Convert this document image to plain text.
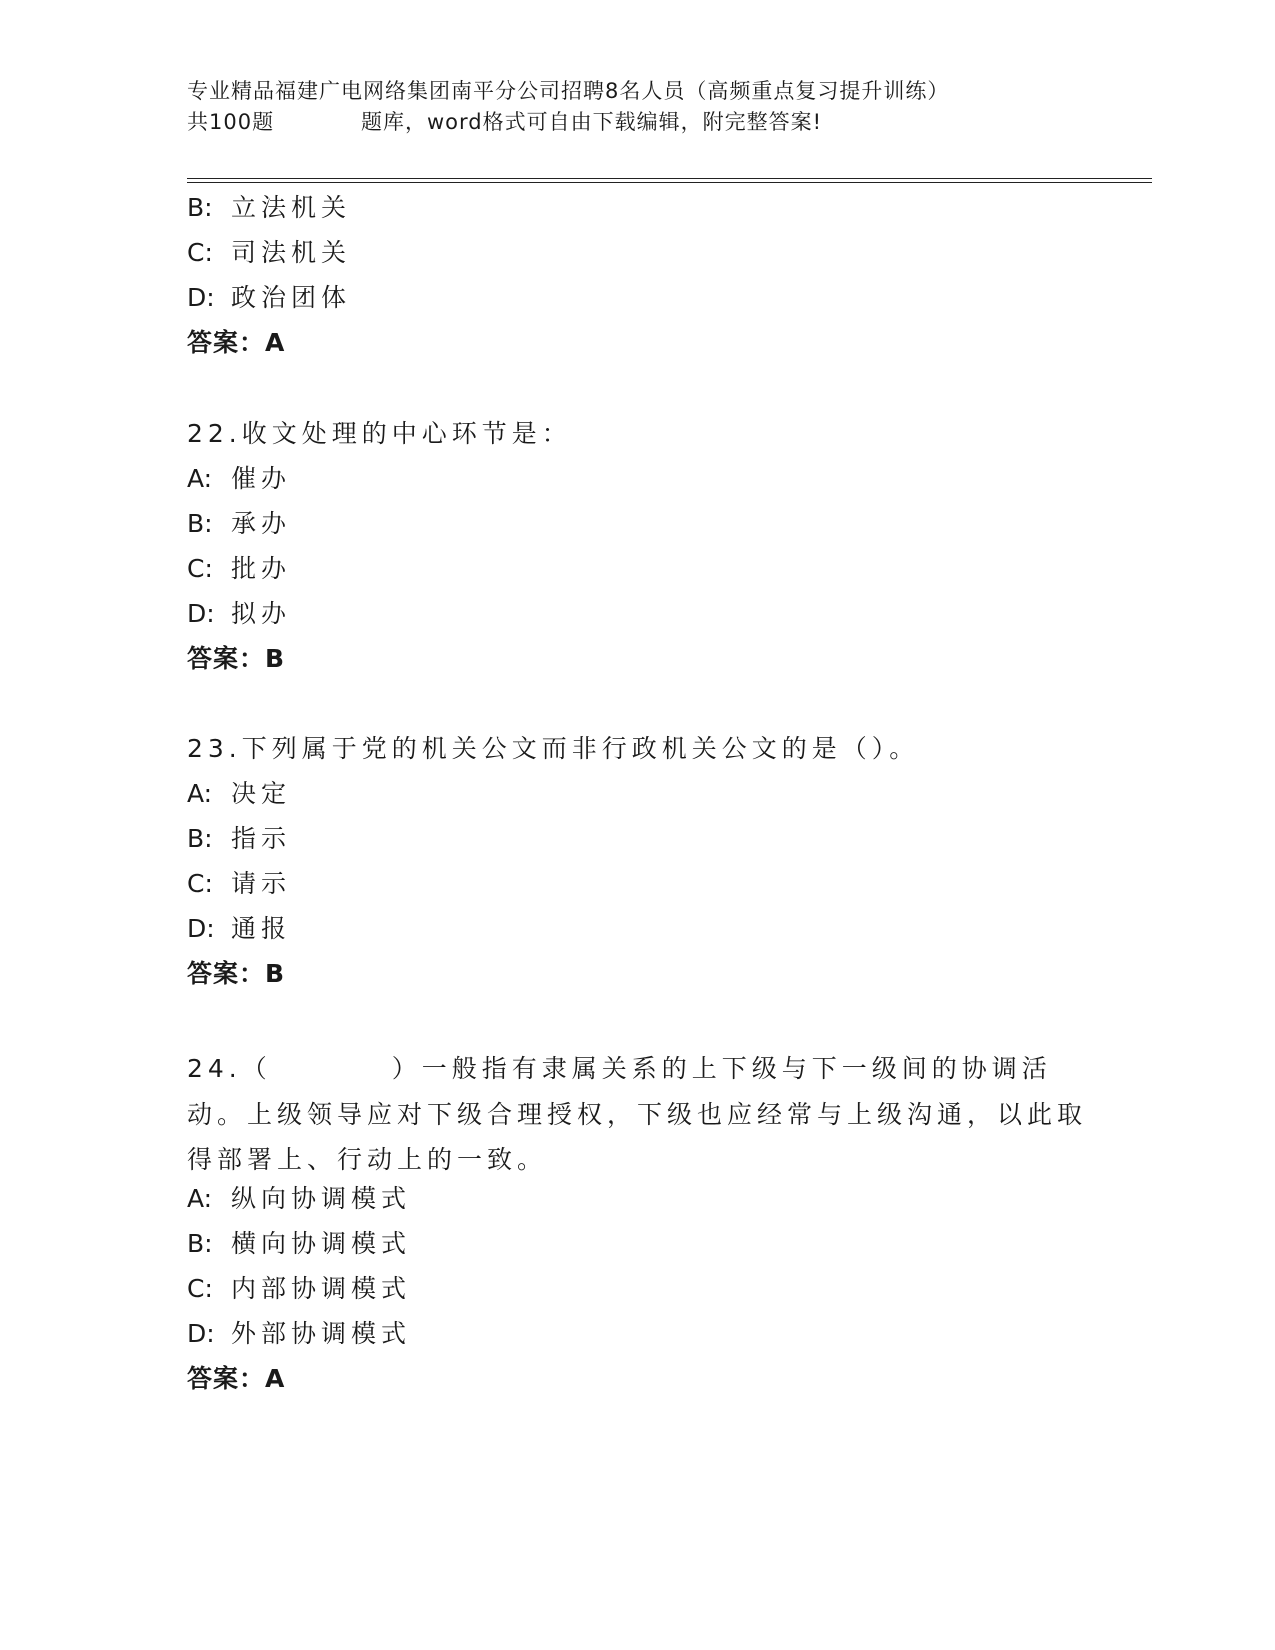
专业精品福建广电网络集团南平分公司招聘8名人员（高频重点复习提升训练）
共100题	题库，word格式可自由下载编辑，附完整答案!
B: 立法机关
C: 司法机关
D: 政治团体
答案：A
22.收文处理的中心环节是：
A: 催办
B: 承办
C: 批办
D: 拟办
答案：B
23.下列属于党的机关公文而非行政机关公文的是（）。
A: 决定
B: 指示
C: 请示
D: 通报
答案：B
24.（　　　　）一般指有隶属关系的上下级与下一级间的协调活动。上级领导应对下级合理授权，下级也应经常与上级沟通，以此取得部署上、行动上的一致。
A: 纵向协调模式
B: 横向协调模式
C: 内部协调模式
D: 外部协调模式
答案：A
